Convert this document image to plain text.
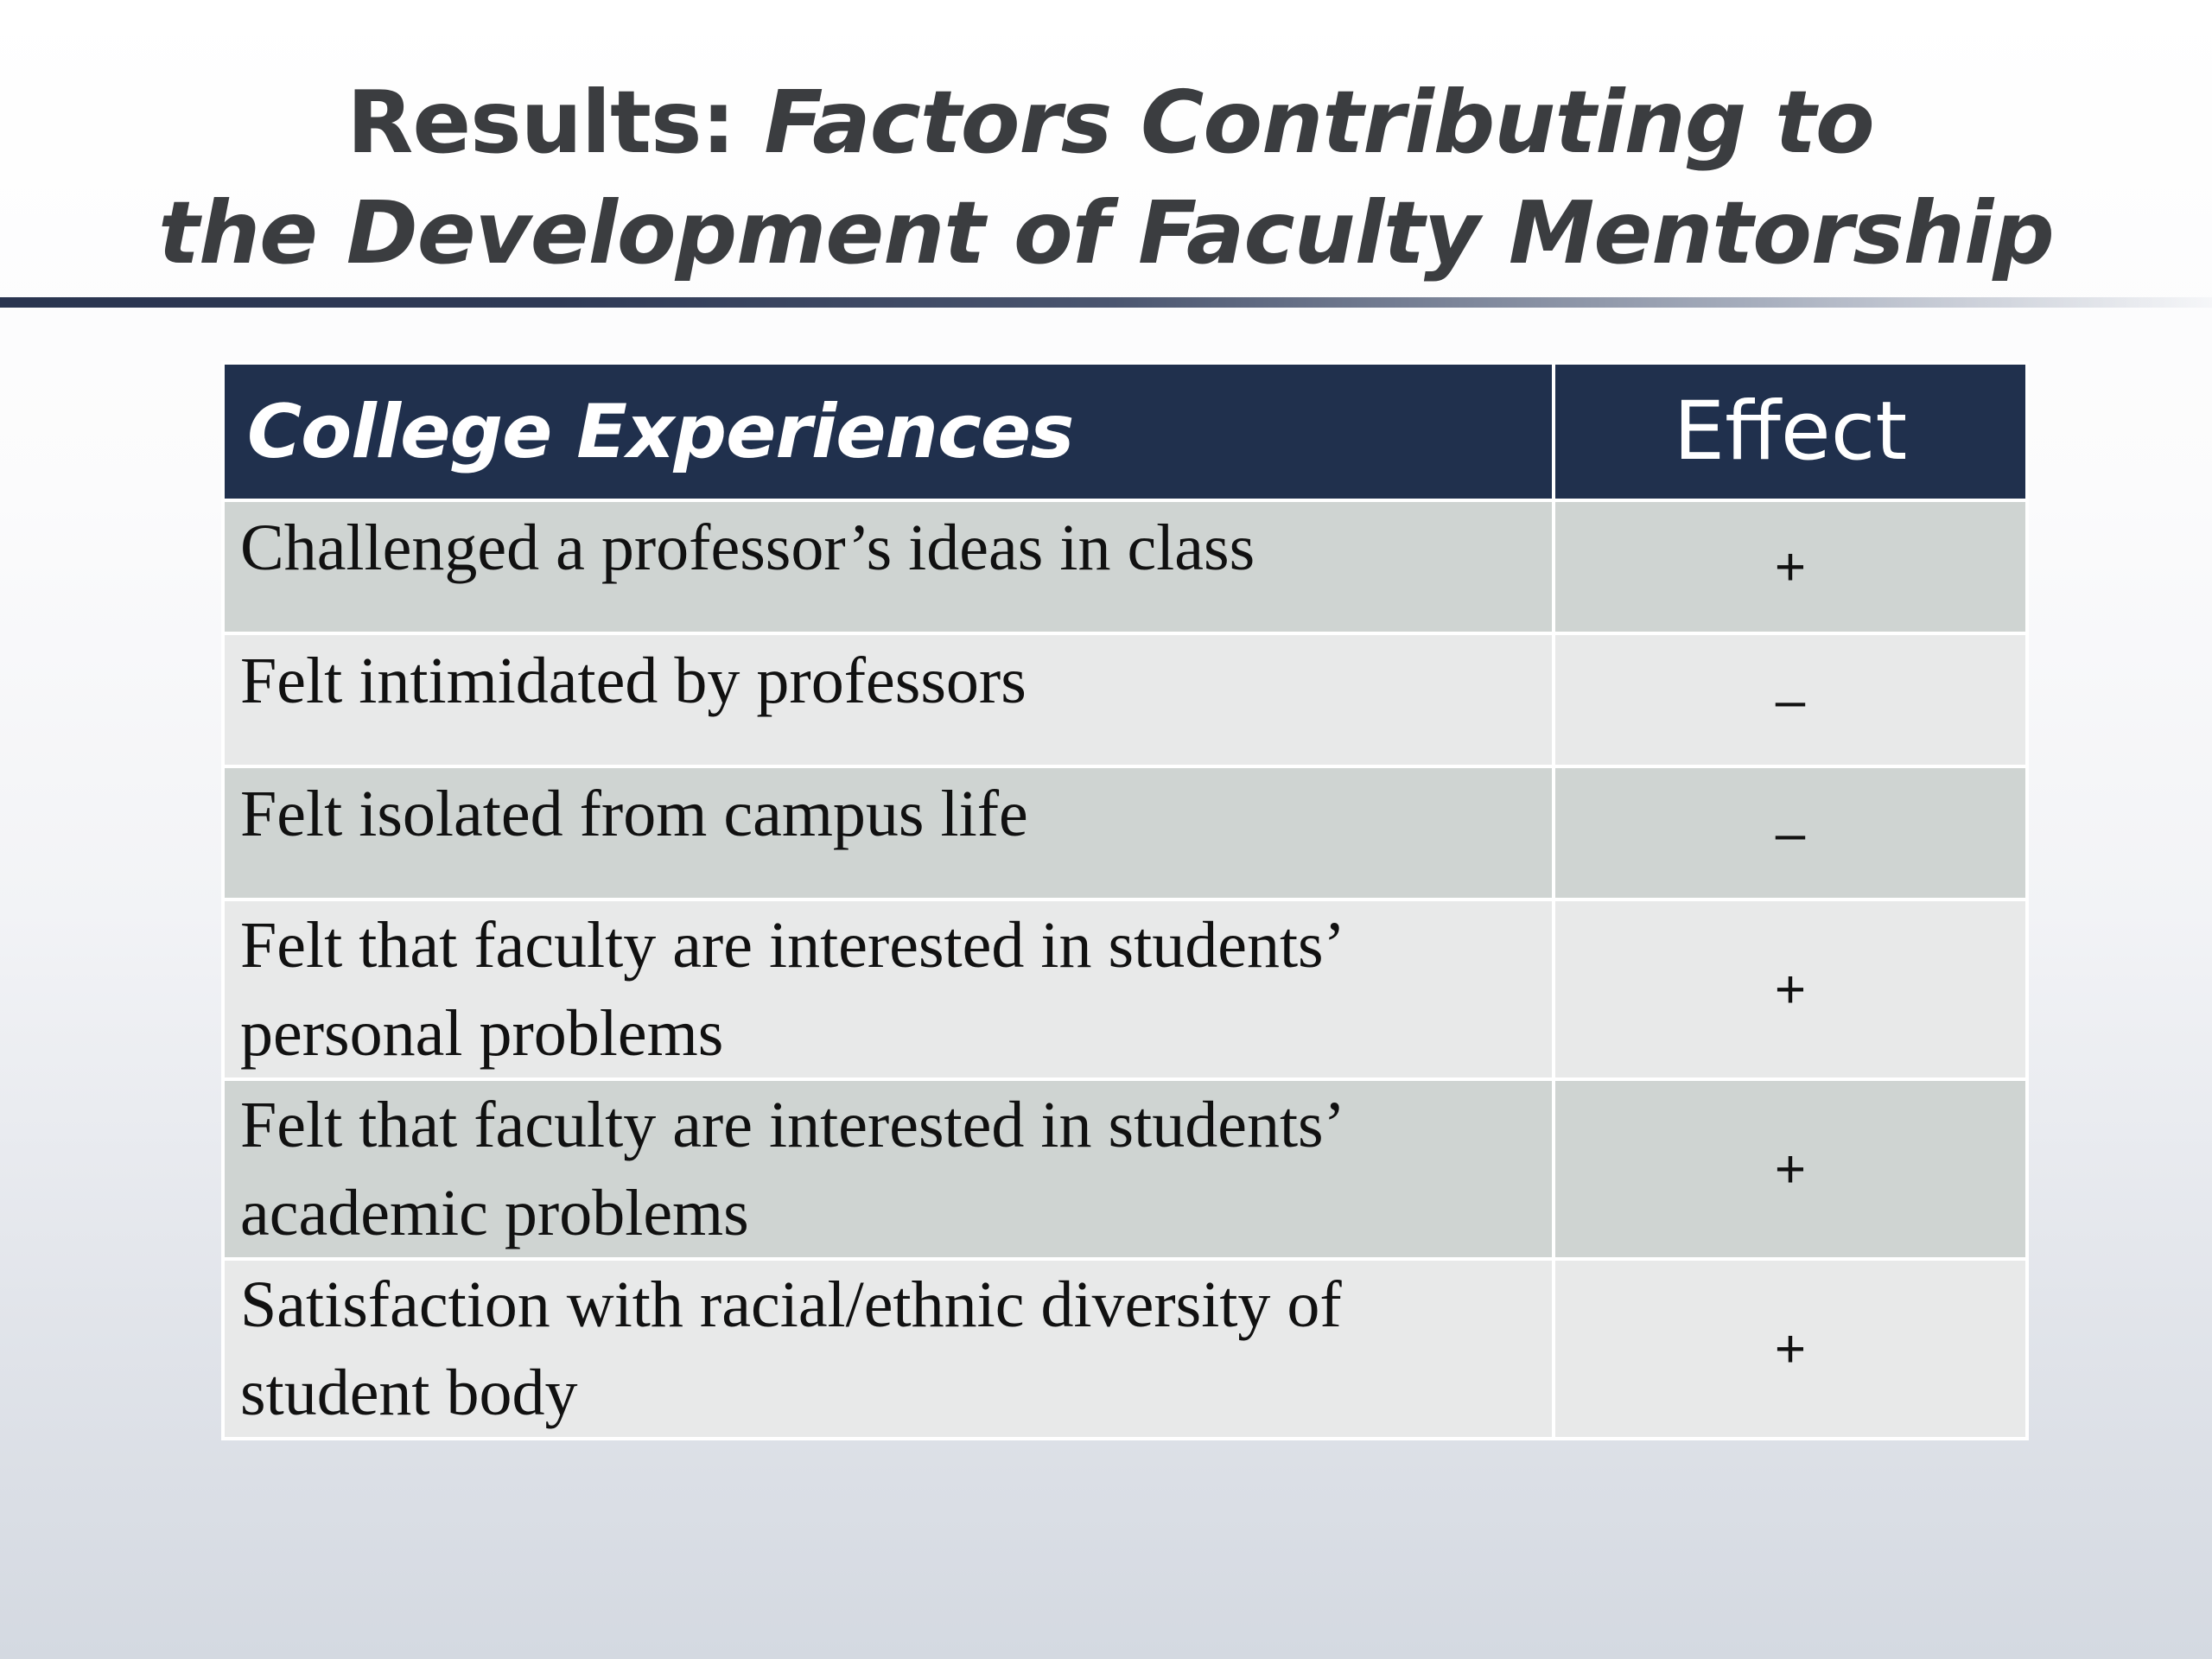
Results: Factors Contributing to
the Development of Faculty Mentorship
College Experiences	Effect

Challenged a professor’s ideas in class	+

Felt intimidated by professors	–

Felt isolated from campus life	–

Felt that faculty are interested in students’
personal problems	+

Felt that faculty are interested in students’
academic problems	+

Satisfaction with racial/ethnic diversity of
student body	+
